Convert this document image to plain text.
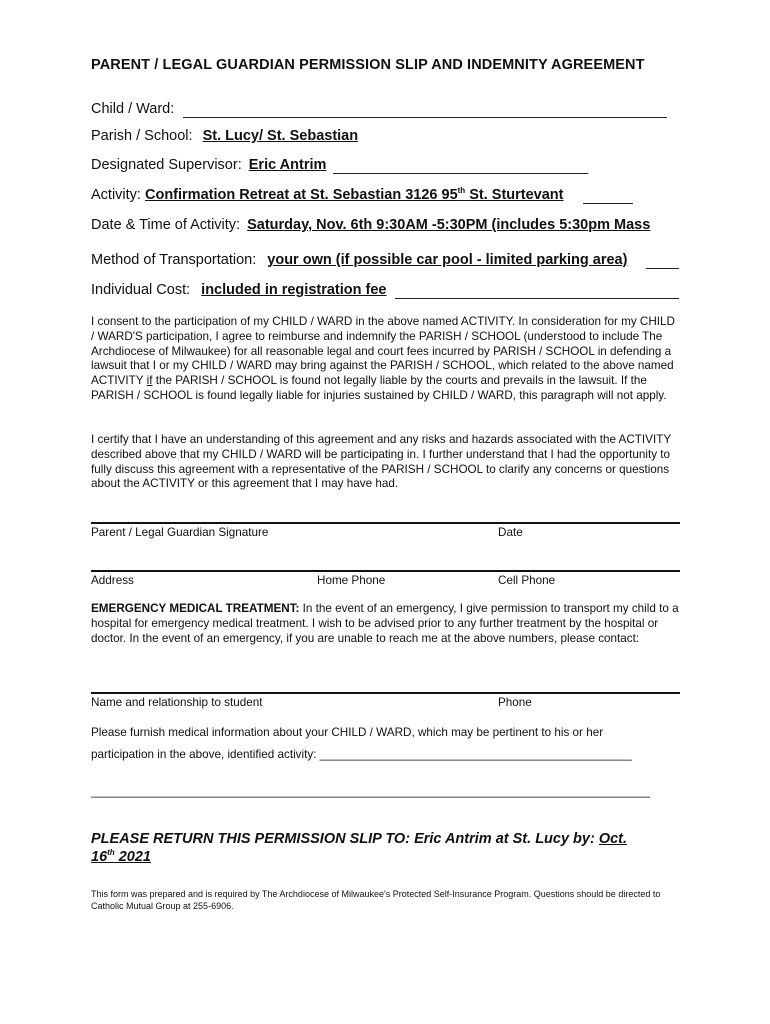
PARENT / LEGAL GUARDIAN PERMISSION SLIP AND INDEMNITY AGREEMENT
Child / Ward:
Parish / School: St. Lucy/ St. Sebastian
Designated Supervisor: Eric Antrim
Activity: Confirmation Retreat at St. Sebastian 3126 95th St. Sturtevant
Date & Time of Activity: Saturday, Nov. 6th 9:30AM -5:30PM (includes 5:30pm Mass
Method of Transportation: your own (if possible car pool - limited parking area)
Individual Cost: included in registration fee
I consent to the participation of my CHILD / WARD in the above named ACTIVITY. In consideration for my CHILD / WARD'S participation, I agree to reimburse and indemnify the PARISH / SCHOOL (understood to include The Archdiocese of Milwaukee) for all reasonable legal and court fees incurred by PARISH / SCHOOL in defending a lawsuit that I or my CHILD / WARD may bring against the PARISH / SCHOOL, which related to the above named ACTIVITY if the PARISH / SCHOOL is found not legally liable by the courts and prevails in the lawsuit. If the PARISH / SCHOOL is found legally liable for injuries sustained by CHILD / WARD, this paragraph will not apply.
I certify that I have an understanding of this agreement and any risks and hazards associated with the ACTIVITY described above that my CHILD / WARD will be participating in. I further understand that I had the opportunity to fully discuss this agreement with a representative of the PARISH / SCHOOL to clarify any concerns or questions about the ACTIVITY or this agreement that I may have had.
Parent / Legal Guardian Signature	Date
Address	Home Phone	Cell Phone
EMERGENCY MEDICAL TREATMENT: In the event of an emergency, I give permission to transport my child to a hospital for emergency medical treatment. I wish to be advised prior to any further treatment by the hospital or doctor. In the event of an emergency, if you are unable to reach me at the above numbers, please contact:
Name and relationship to student	Phone
Please furnish medical information about your CHILD / WARD, which may be pertinent to his or her
participation in the above, identified activity: ________________________________________________
______________________________________________________________________________________
PLEASE RETURN THIS PERMISSION SLIP TO: Eric Antrim at St. Lucy by: Oct.
16th 2021
This form was prepared and is required by The Archdiocese of Milwaukee's Protected Self-Insurance Program. Questions should be directed to Catholic Mutual Group at 255-6906.
